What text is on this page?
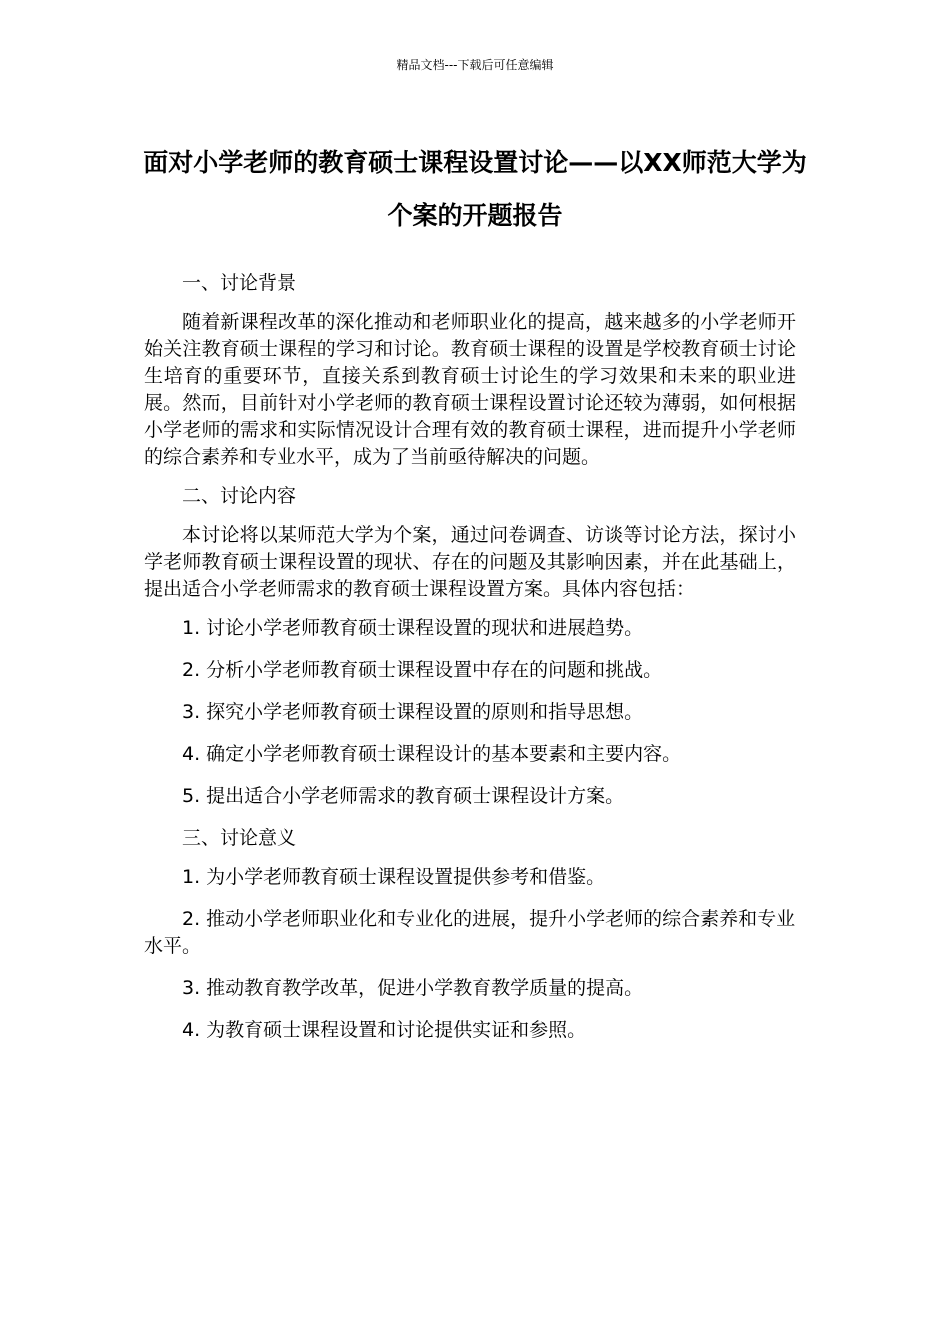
精品文档---下载后可任意编辑
面对小学老师的教育硕士课程设置讨论——以XX师范大学为个案的开题报告

一、讨论背景

随着新课程改革的深化推动和老师职业化的提高，越来越多的小学老师开始关注教育硕士课程的学习和讨论。教育硕士课程的设置是学校教育硕士讨论生培育的重要环节，直接关系到教育硕士讨论生的学习效果和未来的职业进展。然而，目前针对小学老师的教育硕士课程设置讨论还较为薄弱，如何根据小学老师的需求和实际情况设计合理有效的教育硕士课程，进而提升小学老师的综合素养和专业水平，成为了当前亟待解决的问题。

二、讨论内容

本讨论将以某师范大学为个案，通过问卷调查、访谈等讨论方法，探讨小学老师教育硕士课程设置的现状、存在的问题及其影响因素，并在此基础上，提出适合小学老师需求的教育硕士课程设置方案。具体内容包括：

1. 讨论小学老师教育硕士课程设置的现状和进展趋势。

2. 分析小学老师教育硕士课程设置中存在的问题和挑战。

3. 探究小学老师教育硕士课程设置的原则和指导思想。

4. 确定小学老师教育硕士课程设计的基本要素和主要内容。

5. 提出适合小学老师需求的教育硕士课程设计方案。

三、讨论意义

1. 为小学老师教育硕士课程设置提供参考和借鉴。

2. 推动小学老师职业化和专业化的进展，提升小学老师的综合素养和专业水平。

3. 推动教育教学改革，促进小学教育教学质量的提高。

4. 为教育硕士课程设置和讨论提供实证和参照。
